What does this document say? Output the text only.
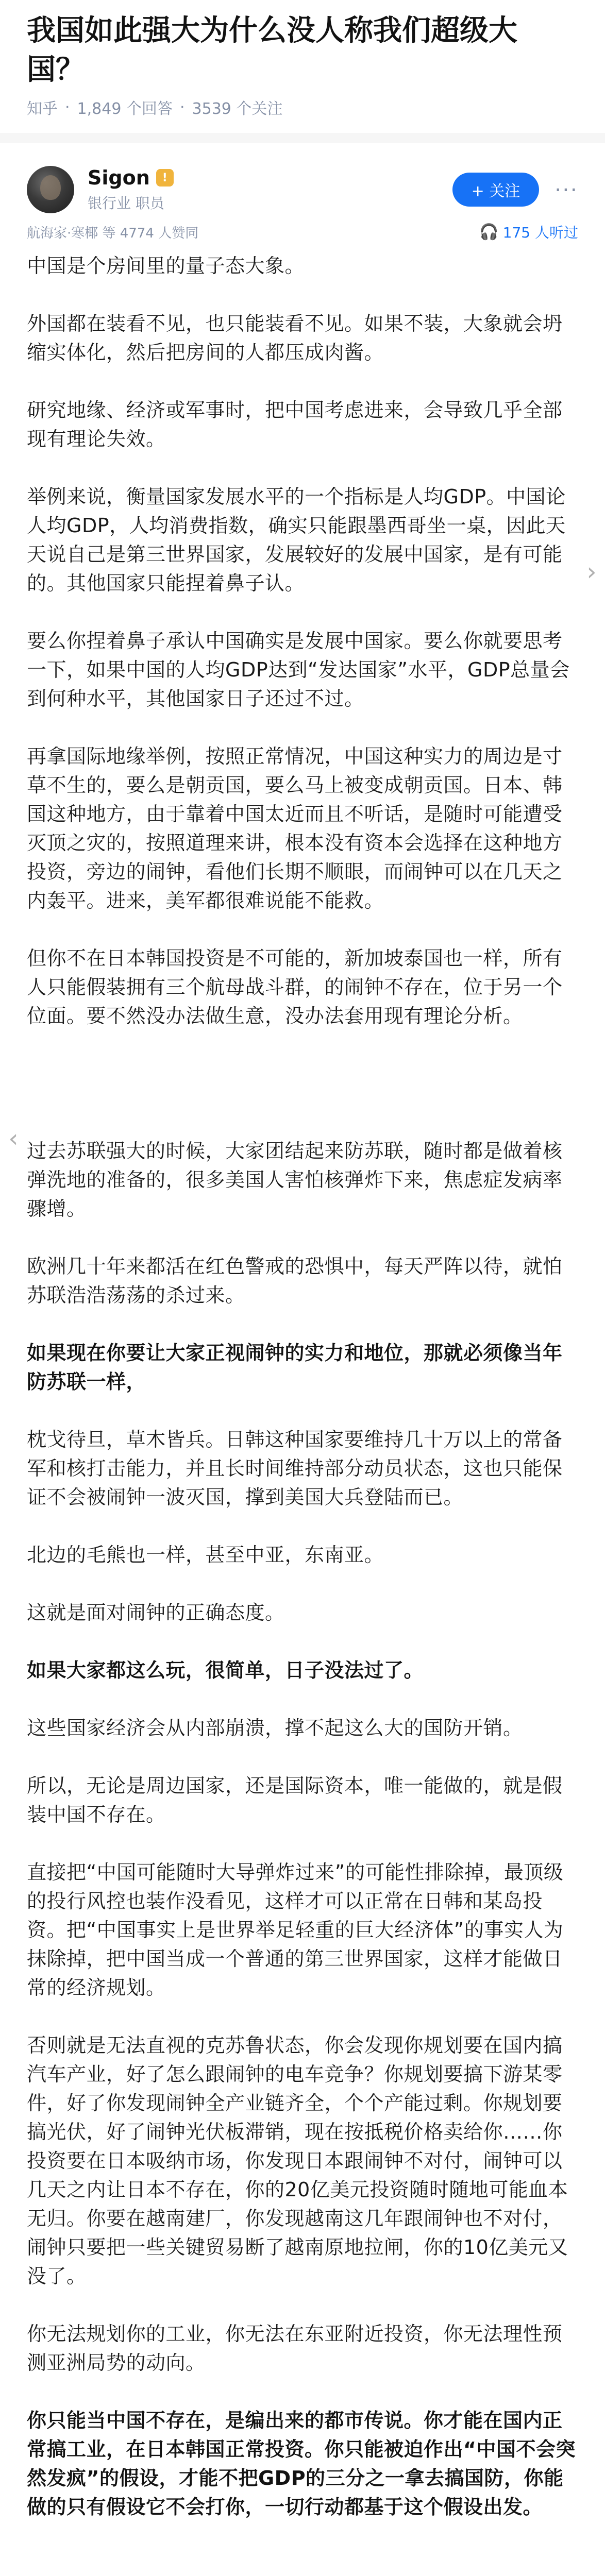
我国如此强大为什么没人称我们超级大国？
知乎 · 1,849 个回答 · 3539 个关注
Sigon	!
银行业 职员
+ 关注	···
航海家·寒椰 等 4774 人赞同	🎧 175 人听过

中国是个房间里的量子态大象。

外国都在装看不见，也只能装看不见。如果不装，大象就会坍缩实体化，然后把房间的人都压成肉酱。

研究地缘、经济或军事时，把中国考虑进来，会导致几乎全部现有理论失效。

举例来说，衡量国家发展水平的一个指标是人均GDP。中国论人均GDP，人均消费指数，确实只能跟墨西哥坐一桌，因此天天说自己是第三世界国家，发展较好的发展中国家，是有可能的。其他国家只能捏着鼻子认。

要么你捏着鼻子承认中国确实是发展中国家。要么你就要思考一下，如果中国的人均GDP达到“发达国家”水平，GDP总量会到何种水平，其他国家日子还过不过。

再拿国际地缘举例，按照正常情况，中国这种实力的周边是寸草不生的，要么是朝贡国，要么马上被变成朝贡国。日本、韩国这种地方，由于靠着中国太近而且不听话，是随时可能遭受灭顶之灾的，按照道理来讲，根本没有资本会选择在这种地方投资，旁边的闹钟，看他们长期不顺眼，而闹钟可以在几天之内轰平。进来，美军都很难说能不能救。

但你不在日本韩国投资是不可能的，新加坡泰国也一样，所有人只能假装拥有三个航母战斗群，的闹钟不存在，位于另一个位面。要不然没办法做生意，没办法套用现有理论分析。

过去苏联强大的时候，大家团结起来防苏联，随时都是做着核弹洗地的准备的，很多美国人害怕核弹炸下来，焦虑症发病率骤增。

欧洲几十年来都活在红色警戒的恐惧中，每天严阵以待，就怕苏联浩浩荡荡的杀过来。

如果现在你要让大家正视闹钟的实力和地位，那就必须像当年防苏联一样，

枕戈待旦，草木皆兵。日韩这种国家要维持几十万以上的常备军和核打击能力，并且长时间维持部分动员状态，这也只能保证不会被闹钟一波灭国，撑到美国大兵登陆而已。

北边的毛熊也一样，甚至中亚，东南亚。

这就是面对闹钟的正确态度。

如果大家都这么玩，很简单，日子没法过了。

这些国家经济会从内部崩溃，撑不起这么大的国防开销。

所以，无论是周边国家，还是国际资本，唯一能做的，就是假装中国不存在。

直接把“中国可能随时大导弹炸过来”的可能性排除掉，最顶级的投行风控也装作没看见，这样才可以正常在日韩和某岛投资。把“中国事实上是世界举足轻重的巨大经济体”的事实人为抹除掉，把中国当成一个普通的第三世界国家，这样才能做日常的经济规划。

否则就是无法直视的克苏鲁状态，你会发现你规划要在国内搞汽车产业，好了怎么跟闹钟的电车竞争？你规划要搞下游某零件，好了你发现闹钟全产业链齐全，个个产能过剩。你规划要搞光伏，好了闹钟光伏板滞销，现在按抵税价格卖给你……你投资要在日本吸纳市场，你发现日本跟闹钟不对付，闹钟可以几天之内让日本不存在，你的20亿美元投资随时随地可能血本无归。你要在越南建厂，你发现越南这几年跟闹钟也不对付，闹钟只要把一些关键贸易断了越南原地拉闸，你的10亿美元又没了。

你无法规划你的工业，你无法在东亚附近投资，你无法理性预测亚洲局势的动向。

你只能当中国不存在，是编出来的都市传说。你才能在国内正常搞工业，在日本韩国正常投资。你只能被迫作出“中国不会突然发疯”的假设，才能不把GDP的三分之一拿去搞国防，你能做的只有假设它不会打你，一切行动都基于这个假设出发。

›
‹
